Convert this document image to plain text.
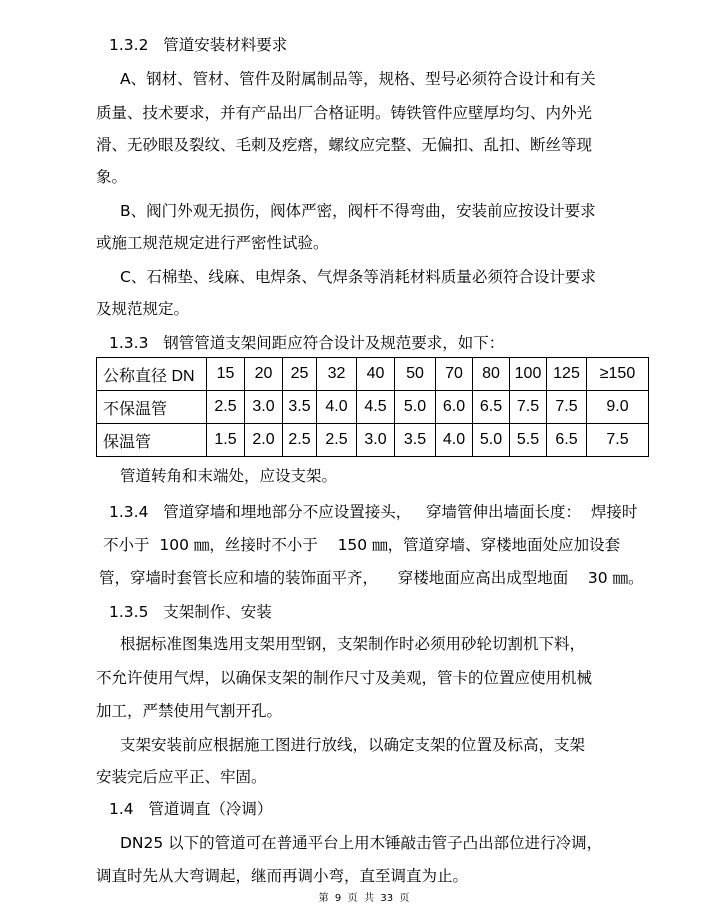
1.3.2   管道安装材料要求
A、钢材、管材、管件及附属制品等，规格、型号必须符合设计和有关
质量、技术要求，并有产品出厂合格证明。铸铁管件应壁厚均匀、内外光
滑、无砂眼及裂纹、毛刺及疙瘩，螺纹应完整、无偏扣、乱扣、断丝等现
象。
B、阀门外观无损伤，阀体严密，阀杆不得弯曲，安装前应按设计要求
或施工规范规定进行严密性试验。
C、石棉垫、线麻、电焊条、气焊条等消耗材料质量必须符合设计要求
及规范规定。
1.3.3   钢管管道支架间距应符合设计及规范要求，如下：
公称直径 DN	15	20	25	32	40	50	70	80	100	125	≥150
不保温管	2.5	3.0	3.5	4.0	4.5	5.0	6.0	6.5	7.5	7.5	9.0
保温管	1.5	2.0	2.5	2.5	3.0	3.5	4.0	5.0	5.5	6.5	7.5
管道转角和末端处，应设支架。
1.3.4   管道穿墙和埋地部分不应设置接头，   穿墙管伸出墙面长度：  焊接时
不小于  100 ㎜，丝接时不小于    150 ㎜，管道穿墙、穿楼地面处应加设套
管，穿墙时套管长应和墙的装饰面平齐，    穿楼地面应高出成型地面    30 ㎜。
1.3.5   支架制作、安装
根据标准图集选用支架用型钢，支架制作时必须用砂轮切割机下料，
不允许使用气焊，以确保支架的制作尺寸及美观，管卡的位置应使用机械
加工，严禁使用气割开孔。
支架安装前应根据施工图进行放线，以确定支架的位置及标高，支架
安装完后应平正、牢固。
1.4   管道调直（冷调）
DN25 以下的管道可在普通平台上用木锤敲击管子凸出部位进行冷调，
调直时先从大弯调起，继而再调小弯，直至调直为止。
第  9  页  共  33  页
